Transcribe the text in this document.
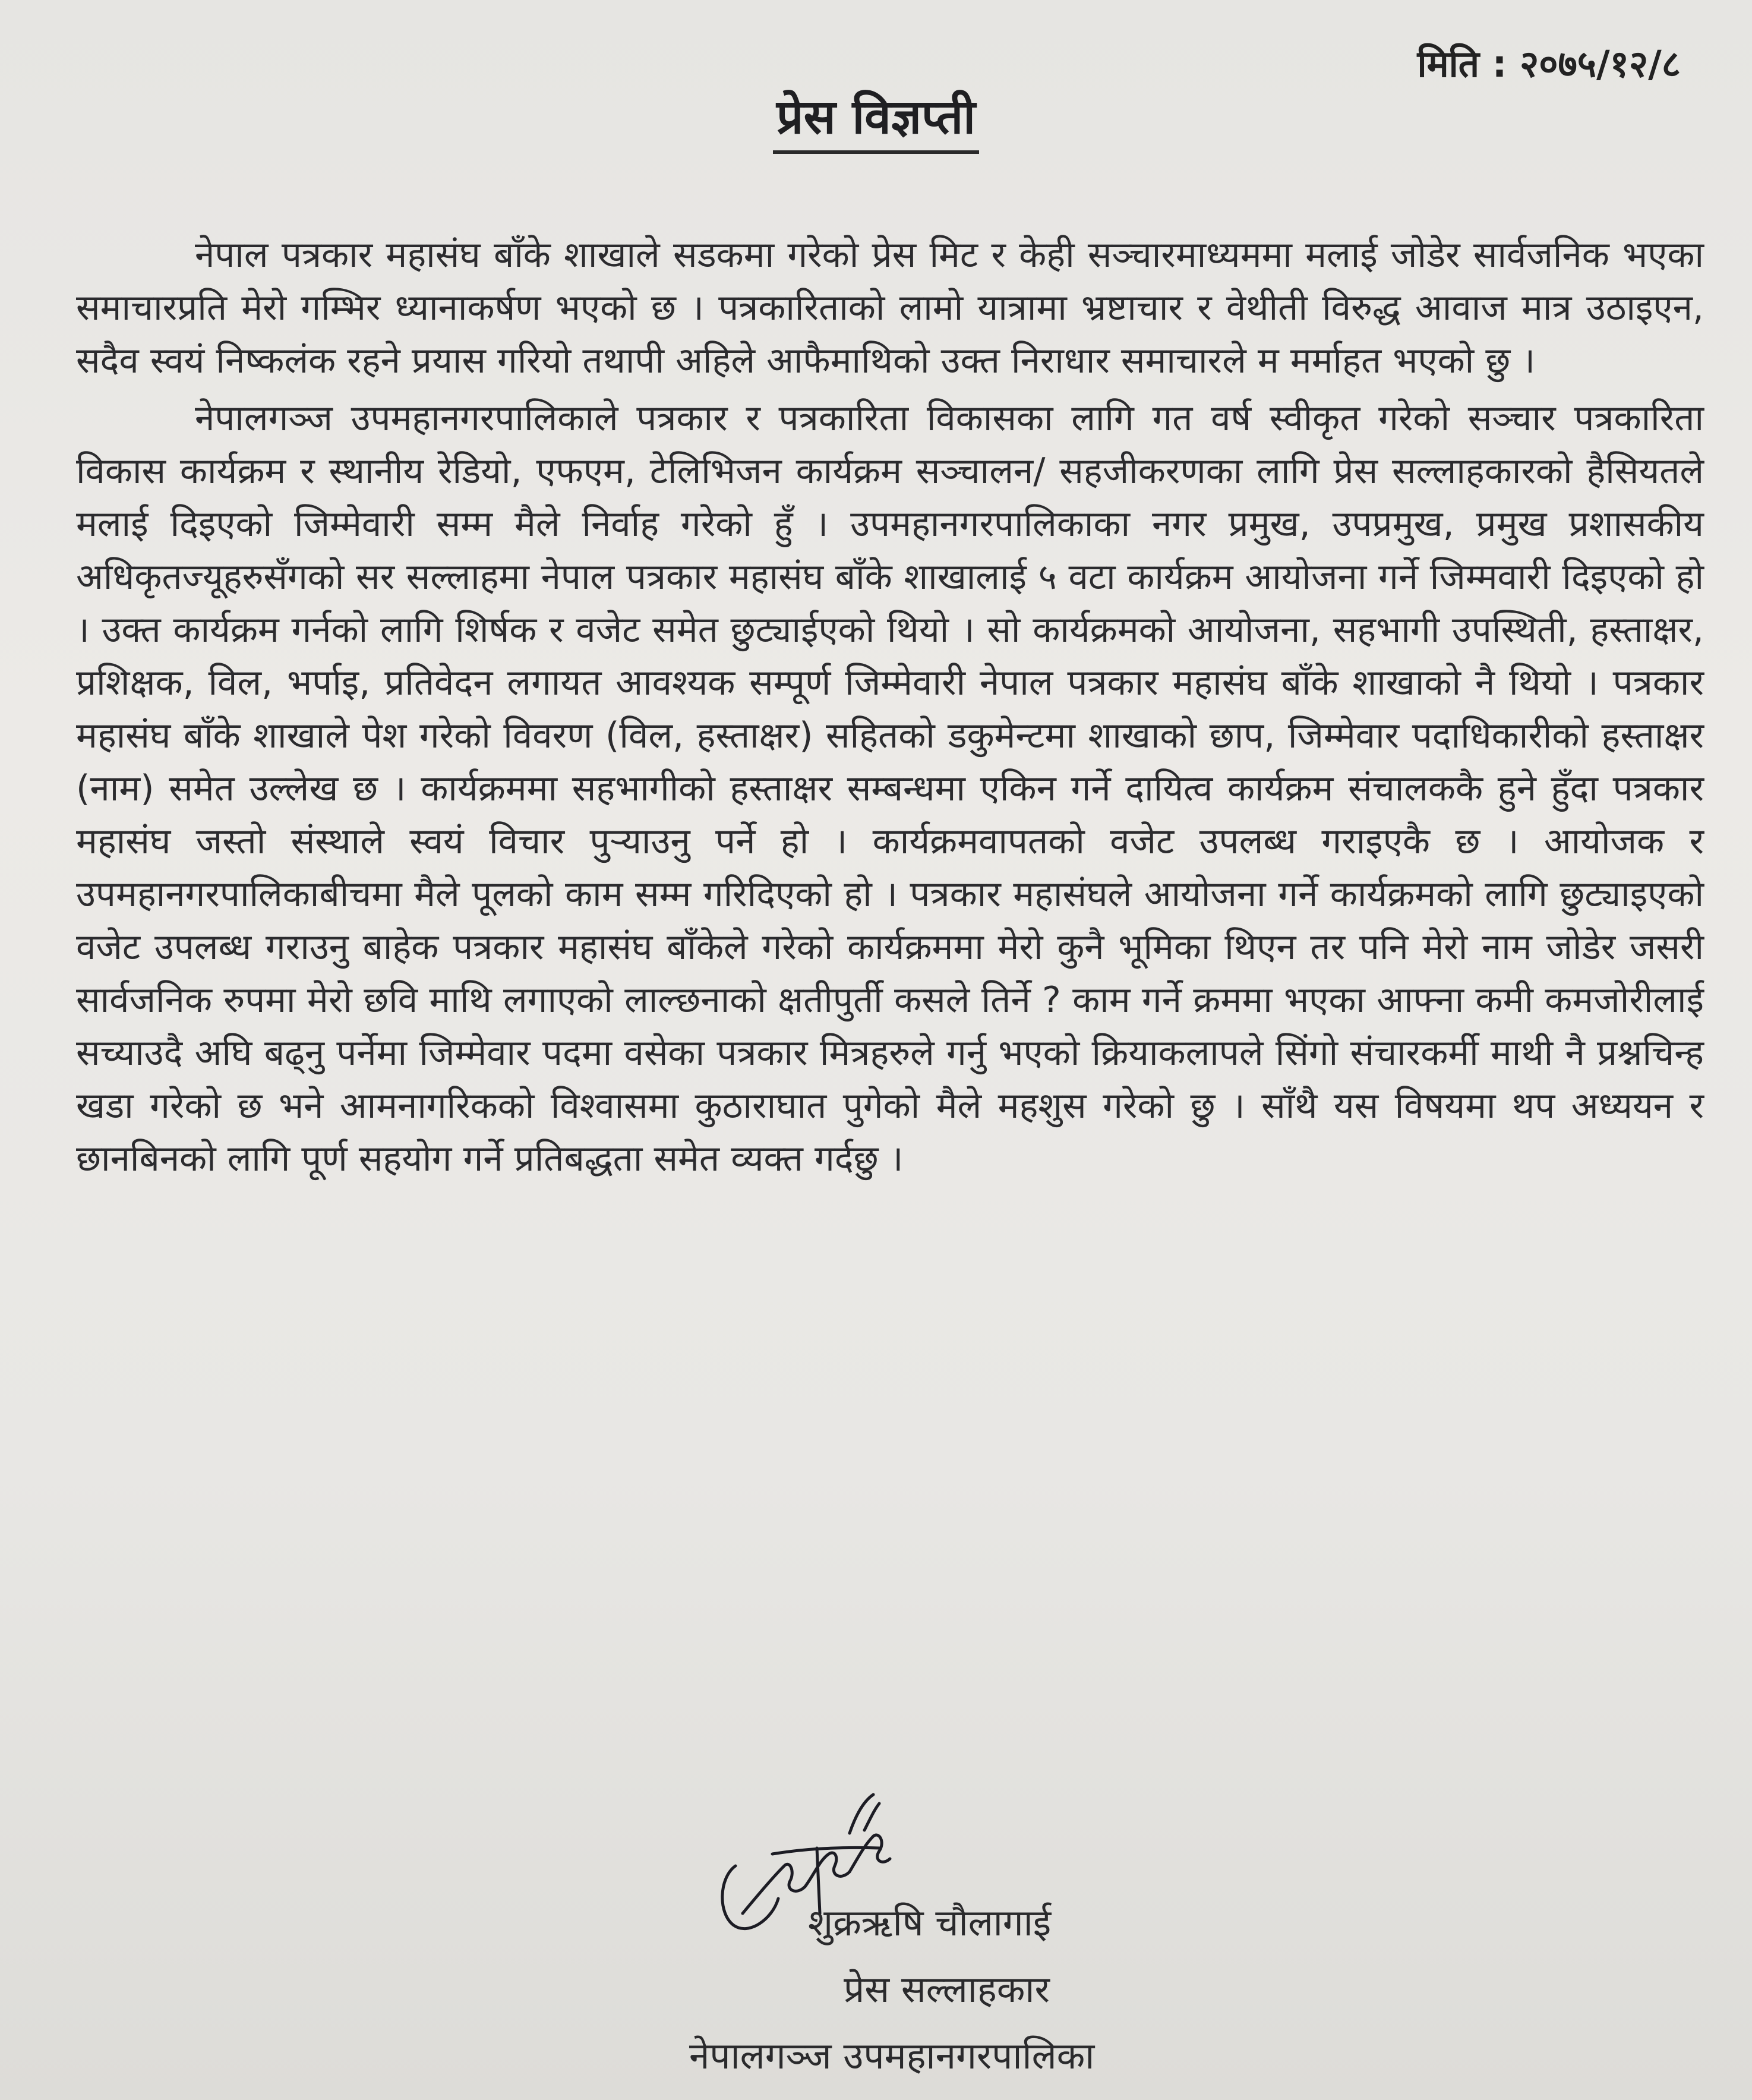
मिति : २०७५/१२/८
प्रेस विज्ञप्ती

नेपाल पत्रकार महासंघ बाँके शाखाले सडकमा गरेको प्रेस मिट र केही सञ्चारमाध्यममा मलाई जोडेर सार्वजनिक भएका समाचारप्रति मेरो गम्भिर ध्यानाकर्षण भएको छ । पत्रकारिताको लामो यात्रामा भ्रष्टाचार र वेथीती विरुद्ध आवाज मात्र उठाइएन, सदैव स्वयं निष्कलंक रहने प्रयास गरियो तथापी अहिले आफैमाथिको उक्त निराधार समाचारले म मर्माहत भएको छु ।

नेपालगञ्ज उपमहानगरपालिकाले पत्रकार र पत्रकारिता विकासका लागि गत वर्ष स्वीकृत गरेको सञ्चार पत्रकारिता विकास कार्यक्रम र स्थानीय रेडियो, एफएम, टेलिभिजन कार्यक्रम सञ्चालन/ सहजीकरणका लागि प्रेस सल्लाहकारको हैसियतले मलाई दिइएको जिम्मेवारी सम्म मैले निर्वाह गरेको हुँ । उपमहानगरपालिकाका नगर प्रमुख, उपप्रमुख, प्रमुख प्रशासकीय अधिकृतज्यूहरुसँगको सर सल्लाहमा नेपाल पत्रकार महासंघ बाँके शाखालाई ५ वटा कार्यक्रम आयोजना गर्ने जिम्मवारी दिइएको हो । उक्त कार्यक्रम गर्नको लागि शिर्षक र वजेट समेत छुट्याईएको थियो । सो कार्यक्रमको आयोजना, सहभागी उपस्थिती, हस्ताक्षर, प्रशिक्षक, विल, भर्पाइ, प्रतिवेदन लगायत आवश्यक सम्पूर्ण जिम्मेवारी नेपाल पत्रकार महासंघ बाँके शाखाको नै थियो । पत्रकार महासंघ बाँके शाखाले पेश गरेको विवरण (विल, हस्ताक्षर) सहितको डकुमेन्टमा शाखाको छाप, जिम्मेवार पदाधिकारीको हस्ताक्षर (नाम) समेत उल्लेख छ । कार्यक्रममा सहभागीको हस्ताक्षर सम्बन्धमा एकिन गर्ने दायित्व कार्यक्रम संचालककै हुने हुँदा पत्रकार महासंघ जस्तो संस्थाले स्वयं विचार पुर्‍याउनु पर्ने हो । कार्यक्रमवापतको वजेट उपलब्ध गराइएकै छ । आयोजक र उपमहानगरपालिकाबीचमा मैले पूलको काम सम्म गरिदिएको हो । पत्रकार महासंघले आयोजना गर्ने कार्यक्रमको लागि छुट्याइएको वजेट उपलब्ध गराउनु बाहेक पत्रकार महासंघ बाँकेले गरेको कार्यक्रममा मेरो कुनै भूमिका थिएन तर पनि मेरो नाम जोडेर जसरी सार्वजनिक रुपमा मेरो छवि माथि लगाएको लाल्छनाको क्षतीपुर्ती कसले तिर्ने ? काम गर्ने क्रममा भएका आफ्ना कमी कमजोरीलाई सच्याउदै अघि बढ्नु पर्नेमा जिम्मेवार पदमा वसेका पत्रकार मित्रहरुले गर्नु भएको क्रियाकलापले सिंगो संचारकर्मी माथी नै प्रश्नचिन्ह खडा गरेको छ भने आमनागरिकको विश्वासमा कुठाराघात पुगेको मैले महशुस गरेको छु । साँथै यस विषयमा थप अध्ययन र छानबिनको लागि पूर्ण सहयोग गर्ने प्रतिबद्धता समेत व्यक्त गर्दछु ।

शुक्रऋषि चौलागाई
प्रेस सल्लाहकार
नेपालगञ्ज उपमहानगरपालिका
